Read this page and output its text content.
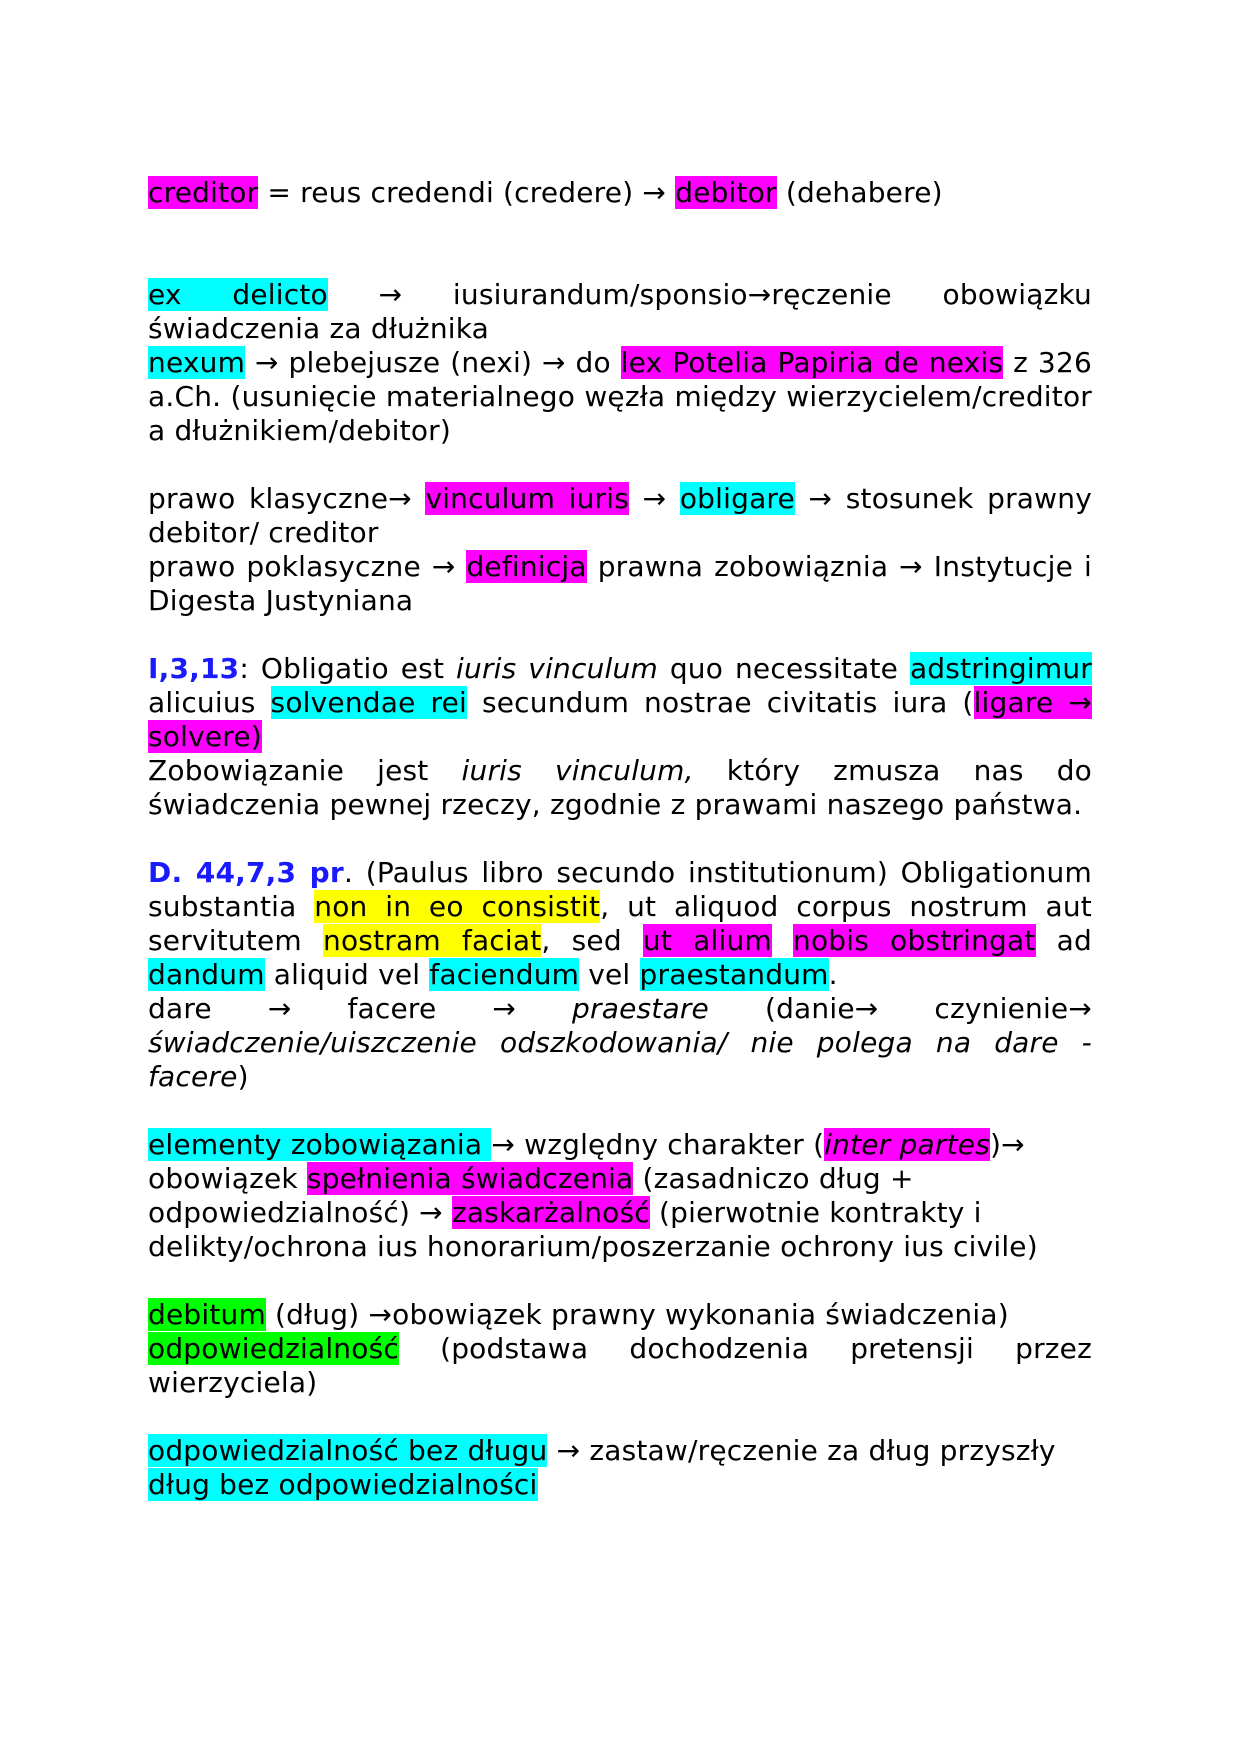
creditor = reus credendi (credere) → debitor (dehabere)

ex delicto → iusiurandum/sponsio→ręczenie obowiązku świadczenia za dłużnika

nexum → plebejusze (nexi) → do lex Potelia Papiria de nexis z 326 a.Ch. (usunięcie materialnego węzła między wierzycielem/creditor a dłużnikiem/debitor)

prawo klasyczne→ vinculum iuris → obligare → stosunek prawny debitor/ creditor

prawo poklasyczne → definicja prawna zobowiąznia → Instytucje i Digesta Justyniana

I,3,13: Obligatio est iuris vinculum quo necessitate adstringimur alicuius solvendae rei secundum nostrae civitatis iura (ligare → solvere)

Zobowiązanie jest iuris vinculum, który zmusza nas do świadczenia pewnej rzeczy, zgodnie z prawami naszego państwa.

D. 44,7,3 pr. (Paulus libro secundo institutionum) Obligationum substantia non in eo consistit, ut aliquod corpus nostrum aut servitutem nostram faciat, sed ut alium nobis obstringat ad dandum aliquid vel faciendum vel praestandum.

dare → facere → praestare (danie→ czynienie→ świadczenie/uiszczenie odszkodowania/ nie polega na dare - facere)

elementy zobowiązania → względny charakter (inter partes)→

obowiązek spełnienia świadczenia (zasadniczo dług +

odpowiedzialność) → zaskarżalność (pierwotnie kontrakty i

delikty/ochrona ius honorarium/poszerzanie ochrony ius civile)

debitum (dług) →obowiązek prawny wykonania świadczenia)

odpowiedzialność (podstawa dochodzenia pretensji przez wierzyciela)

odpowiedzialność bez długu → zastaw/ręczenie za dług przyszły

dług bez odpowiedzialności
